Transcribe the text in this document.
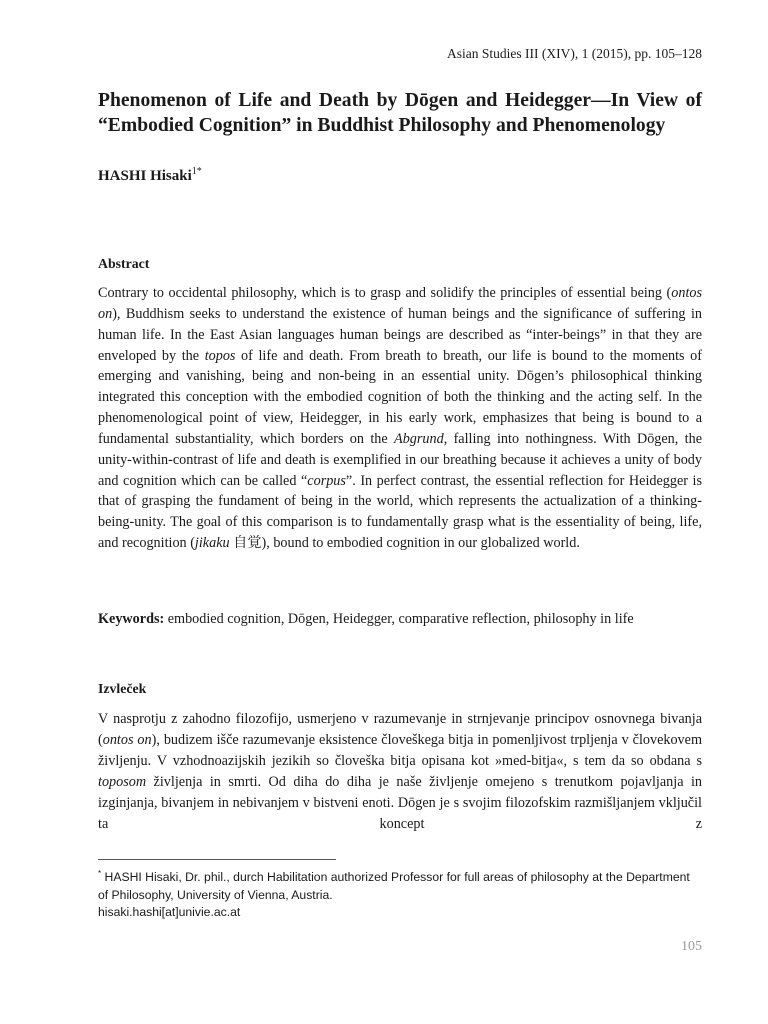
Asian Studies III (XIV), 1 (2015), pp. 105–128
Phenomenon of Life and Death by Dōgen and Heidegger—In View of “Embodied Cognition” in Buddhist Philosophy and Phenomenology
HASHI Hisaki$^{1*}$
Abstract

Contrary to occidental philosophy, which is to grasp and solidify the principles of essential being (ontos on), Buddhism seeks to understand the existence of human beings and the significance of suffering in human life. In the East Asian languages human beings are described as “inter-beings” in that they are enveloped by the topos of life and death. From breath to breath, our life is bound to the moments of emerging and vanishing, being and non-being in an essential unity. Dōgen’s philosophical thinking integrated this conception with the embodied cognition of both the thinking and the acting self. In the phenomenological point of view, Heidegger, in his early work, emphasizes that being is bound to a fundamental substantiality, which borders on the Abgrund, falling into nothingness. With Dōgen, the unity-within-contrast of life and death is exemplified in our breathing because it achieves a unity of body and cognition which can be called “corpus”. In perfect contrast, the essential reflection for Heidegger is that of grasping the fundament of being in the world, which represents the actualization of a thinking-being-unity. The goal of this comparison is to fundamentally grasp what is the essentiality of being, life, and recognition (jikaku 自覚), bound to embodied cognition in our globalized world.

Keywords: embodied cognition, Dōgen, Heidegger, comparative reflection, philosophy in life

Izvleček

V nasprotju z zahodno filozofijo, usmerjeno v razumevanje in strnjevanje principov osnovnega bivanja (ontos on), budizem išče razumevanje eksistence človeškega bitja in pomenljivost trpljenja v človekovem življenju. V vzhodnoazijskih jezikih so človeška bitja opisana kot »med-bitja«, s tem da so obdana s toposom življenja in smrti. Od diha do diha je naše življenje omejeno s trenutkom pojavljanja in izginjanja, bivanjem in nebivanjem v bistveni enoti. Dōgen je s svojim filozofskim razmišljanjem vključil ta koncept z

* HASHI Hisaki, Dr. phil., durch Habilitation authorized Professor for full areas of philosophy at the Department of Philosophy, University of Vienna, Austria.
hisaki.hashi[at]univie.ac.at

105
